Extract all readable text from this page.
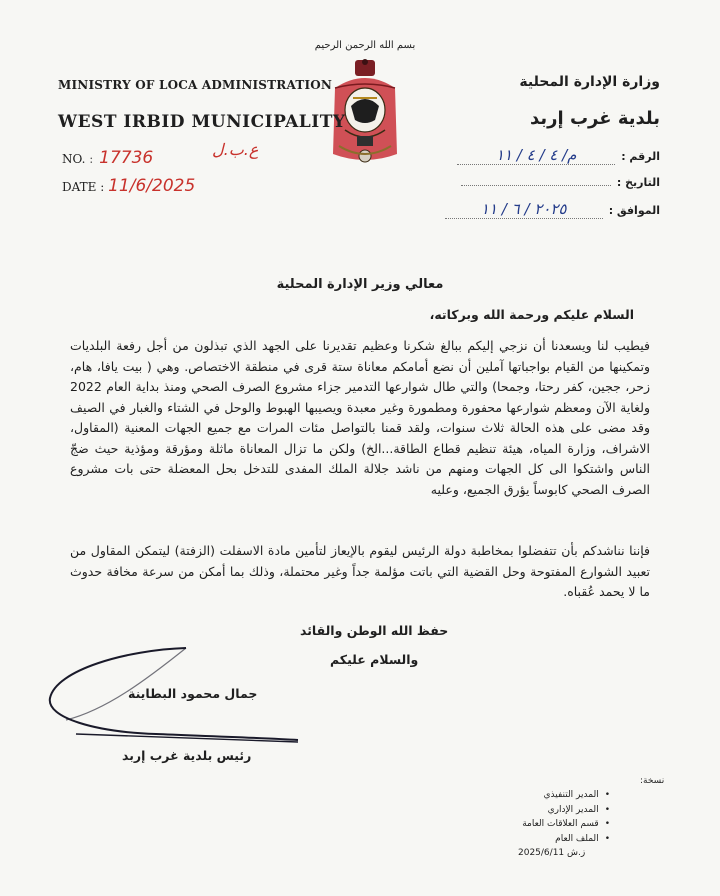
بسم الله الرحمن الرحيم
MINISTRY OF LOCA ADMINISTRATION
WEST IRBID MUNICIPALITY
NO. : 17736	ع.ب.ل
DATE : 11/6/2025
وزارة الإدارة المحلية
بلدية غرب إربد
الرقم :
م/ ٤ / ٤ / ١١
التاريخ :
الموافق :
٢٠٢٥ / ٦ / ١١
معالي وزير الإدارة المحلية
السلام عليكم ورحمة الله وبركاته،
فيطيب لنا ويسعدنا أن نزجي إليكم ببالغ شكرنا وعظيم تقديرنا على الجهد الذي تبذلون من أجل رفعة البلديات وتمكينها من القيام بواجباتها آملين أن نضع أمامكم معاناة ستة قرى في منطقة الاختصاص. وهي ( بيت يافا، هام، زحر، ججين، كفر رحتا، وجمحا) والتي طال شوارعها التدمير جزاء مشروع الصرف الصحي ومنذ بداية العام 2022 ولغاية الآن ومعظم شوارعها محفورة ومطمورة وغير معبدة ويصيبها الهبوط والوحل في الشتاء والغبار في الصيف وقد مضى على هذه الحالة ثلاث سنوات، ولقد قمنا بالتواصل مئات المرات مع جميع الجهات المعنية (المقاول، الاشراف، وزارة المياه، هيئة تنظيم قطاع الطاقة...الخ) ولكن ما تزال المعاناة ماثلة ومؤرقة ومؤذية حيث ضجّ الناس واشتكوا الى كل الجهات ومنهم من ناشد جلالة الملك المفدى للتدخل بحل المعضلة حتى بات مشروع الصرف الصحي كابوساً يؤرق الجميع، وعليه
فإننا نناشدكم بأن تتفضلوا بمخاطبة دولة الرئيس ليقوم بالإيعاز لتأمين مادة الاسفلت (الزفتة) ليتمكن المقاول من تعبيد الشوارع المفتوحة وحل القضية التي باتت مؤلمة جداً وغير محتملة، وذلك بما أمكن من سرعة مخافة حدوث ما لا يحمد عُقباه.
حفظ الله الوطن والقائد
والسلام عليكم
جمال محمود البطاينة
رئيس بلدية غرب إربد
نسخة:
• المدير التنفيذي
• المدير الإداري
• قسم العلاقات العامة
• الملف العام
ز.ش 2025/6/11
